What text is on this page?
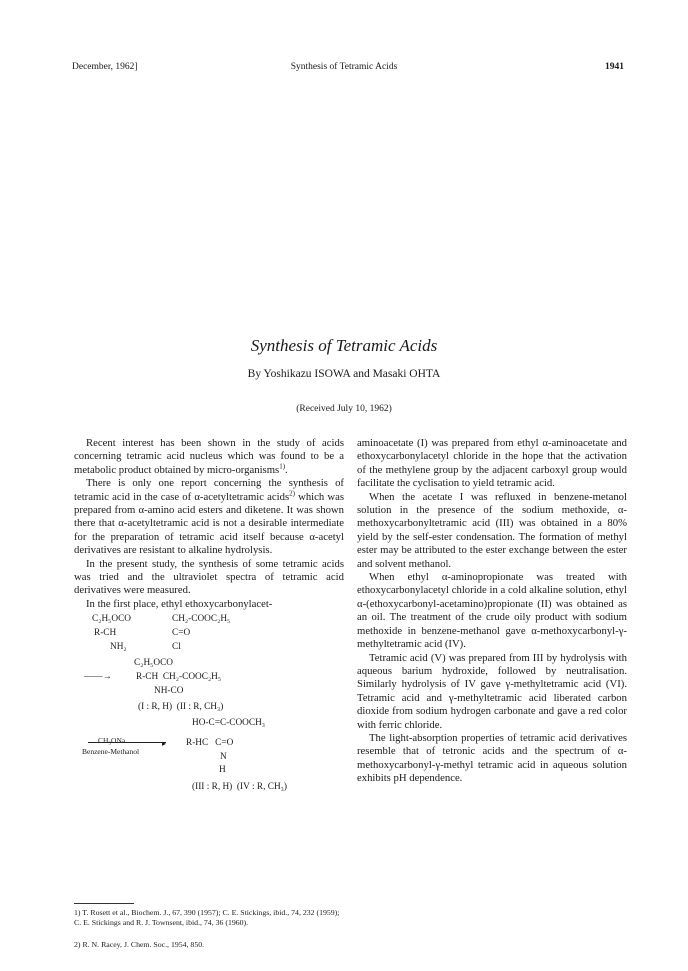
December, 1962]	Synthesis of Tetramic Acids	1941
Synthesis of Tetramic Acids
By Yoshikazu ISOWA and Masaki OHTA
(Received July 10, 1962)

Recent interest has been shown in the study of acids concerning tetramic acid nucleus which was found to be a metabolic product obtained by micro-organisms$^{1)}$.

There is only one report concerning the synthesis of tetramic acid in the case of α-acetyltetramic acids$^{2)}$ which was prepared from α-amino acid esters and diketene. It was shown there that α-acetyltetramic acid is not a desirable intermediate for the preparation of tetramic acid itself because α-acetyl derivatives are resistant to alkaline hydrolysis.

In the present study, the synthesis of some tetramic acids was tried and the ultraviolet spectra of tetramic acid derivatives were measured.

In the first place, ethyl ethoxycarbonylacet-

C₂H₅OCO	CH₂-COOC₂H₅
R-CH	C=O
NH₂	Cl
C₂H₅OCO
——→	R-CH  CH₂-COOC₂H₅
NH-CO
(I : R, H)  (II : R, CH₃)
HO-C=C-COOCH₃
CH₃ONa	▸
Benzene-Methanol
R-HC   C=O
N
H
(III : R, H)  (IV : R, CH₃)
1) T. Rosett et al., Biochem. J., 67, 390 (1957); C. E. Stickings, ibid., 74, 232 (1959); C. E. Stickings and R. J. Townsent, ibid., 74, 36 (1960).
2) R. N. Racey, J. Chem. Soc., 1954, 850.

aminoacetate (I) was prepared from ethyl α-aminoacetate and ethoxycarbonylacetyl chloride in the hope that the activation of the methylene group by the adjacent carboxyl group would facilitate the cyclisation to yield tetramic acid.

When the acetate I was refluxed in benzene-metanol solution in the presence of the sodium methoxide, α-methoxycarbonyltetramic acid (III) was obtained in a 80% yield by the self-ester condensation. The formation of methyl ester may be attributed to the ester exchange between the ester and solvent methanol.

When ethyl α-aminopropionate was treated with ethoxycarbonylacetyl chloride in a cold alkaline solution, ethyl α-(ethoxycarbonyl-acetamino)propionate (II) was obtained as an oil. The treatment of the crude oily product with sodium methoxide in benzene-methanol gave α-methoxycarbonyl-γ-methyltetramic acid (IV).

Tetramic acid (V) was prepared from III by hydrolysis with aqueous barium hydroxide, followed by neutralisation. Similarly hydrolysis of IV gave γ-methyltetramic acid (VI). Tetramic acid and γ-methyltetramic acid liberated carbon dioxide from sodium hydrogen carbonate and gave a red color with ferric chloride.

The light-absorption properties of tetramic acid derivatives resemble that of tetronic acids and the spectrum of α-methoxycarbonyl-γ-methyl tetramic acid in aqueous solution exhibits pH dependence.
